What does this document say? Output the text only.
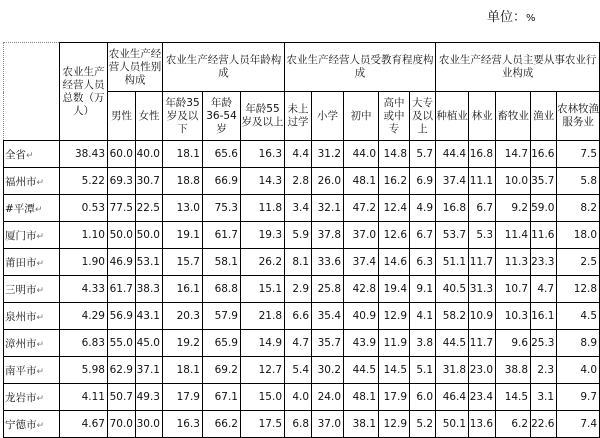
单位：%
	农业生产经营人员总数（万人）	农业生产经营人员性别构成		农业生产经营人员年龄构成			农业生产经营人员受教育程度构成					农业生产经营人员主要从事农业行业构成				
		男性	女性	年龄35岁及以下	年龄36-54岁	年龄55岁及以上	未上过学	小学	初中	高中或中专	大专及以上	种植业	林业	畜牧业	渔业	农林牧渔服务业
全省↵	38.43	60.0	40.0	18.1	65.6	16.3	4.4	31.2	44.0	14.8	5.7	44.4	16.8	14.7	16.6	7.5
福州市↵	5.22	69.3	30.7	18.8	66.9	14.3	2.8	26.0	48.1	16.2	6.9	37.4	11.1	10.0	35.7	5.8
#平潭↵	0.53	77.5	22.5	13.0	75.3	11.8	3.4	32.1	47.2	12.4	4.9	16.8	6.7	9.2	59.0	8.2
厦门市↵	1.10	50.0	50.0	19.1	61.7	19.3	5.9	37.8	37.0	12.6	6.7	53.7	5.3	11.4	11.6	18.0
莆田市↵	1.90	46.9	53.1	15.7	58.1	26.2	8.1	33.6	37.4	14.6	6.3	51.1	11.7	11.3	23.3	2.5
三明市↵	4.33	61.7	38.3	16.1	68.8	15.1	2.9	25.8	42.8	19.4	9.1	40.5	31.3	10.7	4.7	12.8
泉州市↵	4.29	56.9	43.1	20.3	57.9	21.8	6.6	35.4	40.9	12.9	4.1	58.2	10.9	10.3	16.1	4.5
漳州市↵	6.83	55.0	45.0	19.2	65.9	14.9	4.7	35.7	43.9	11.9	3.8	44.5	11.7	9.6	25.3	8.9
南平市↵	5.98	62.9	37.1	18.1	69.2	12.7	5.4	30.2	44.5	14.5	5.1	31.8	23.0	38.8	2.3	4.0
龙岩市↵	4.11	50.7	49.3	17.9	67.1	15.0	4.0	24.0	48.1	17.9	6.0	46.4	23.4	14.5	3.1	9.7
宁德市↵	4.67	70.0	30.0	16.3	66.2	17.5	6.8	37.0	38.1	12.9	5.2	50.1	13.6	6.2	22.6	7.4
